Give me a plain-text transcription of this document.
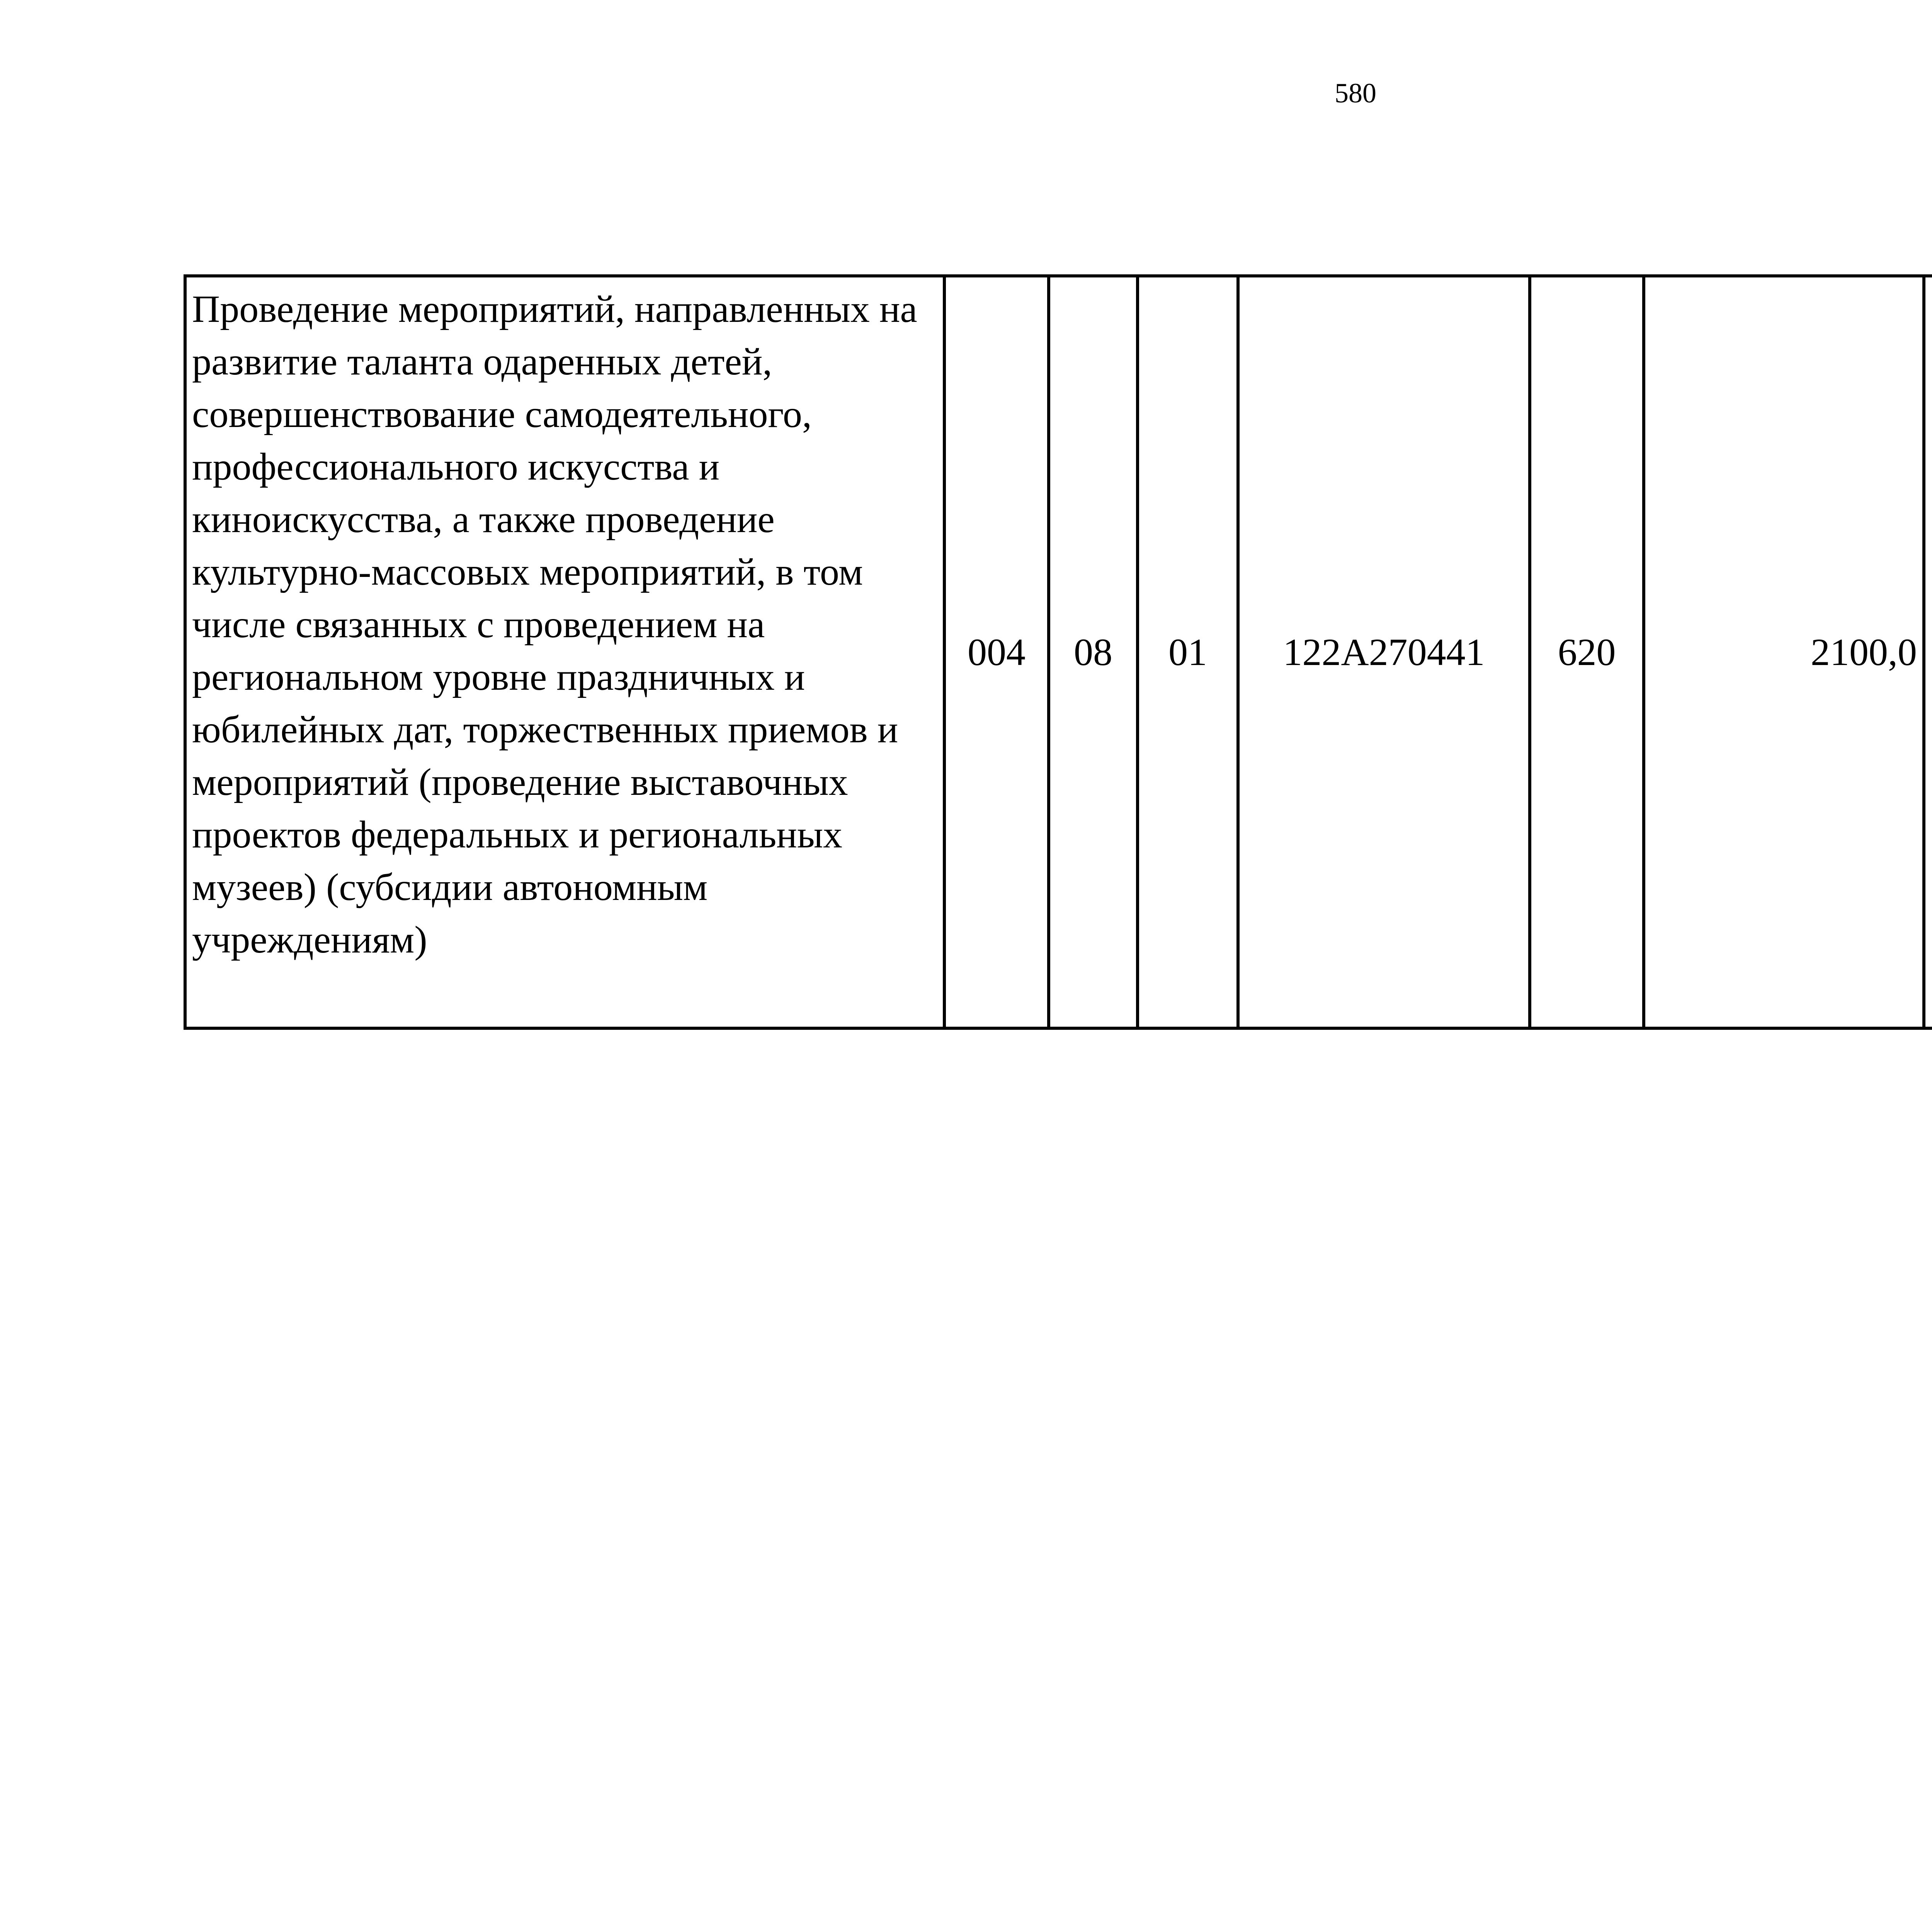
580
Проведение мероприятий, направленных на развитие таланта одаренных детей, совершенствование самодеятельного, профессионального искусства и киноискусства, а также проведение культурно-массовых мероприятий, в том числе связанных с проведением на региональном уровне праздничных и юбилейных дат, торжественных приемов и мероприятий (проведение выставочных проектов федеральных и региональных музеев) (субсидии автономным учреждениям)	004	08	01	122А270441	620	2100,0		
